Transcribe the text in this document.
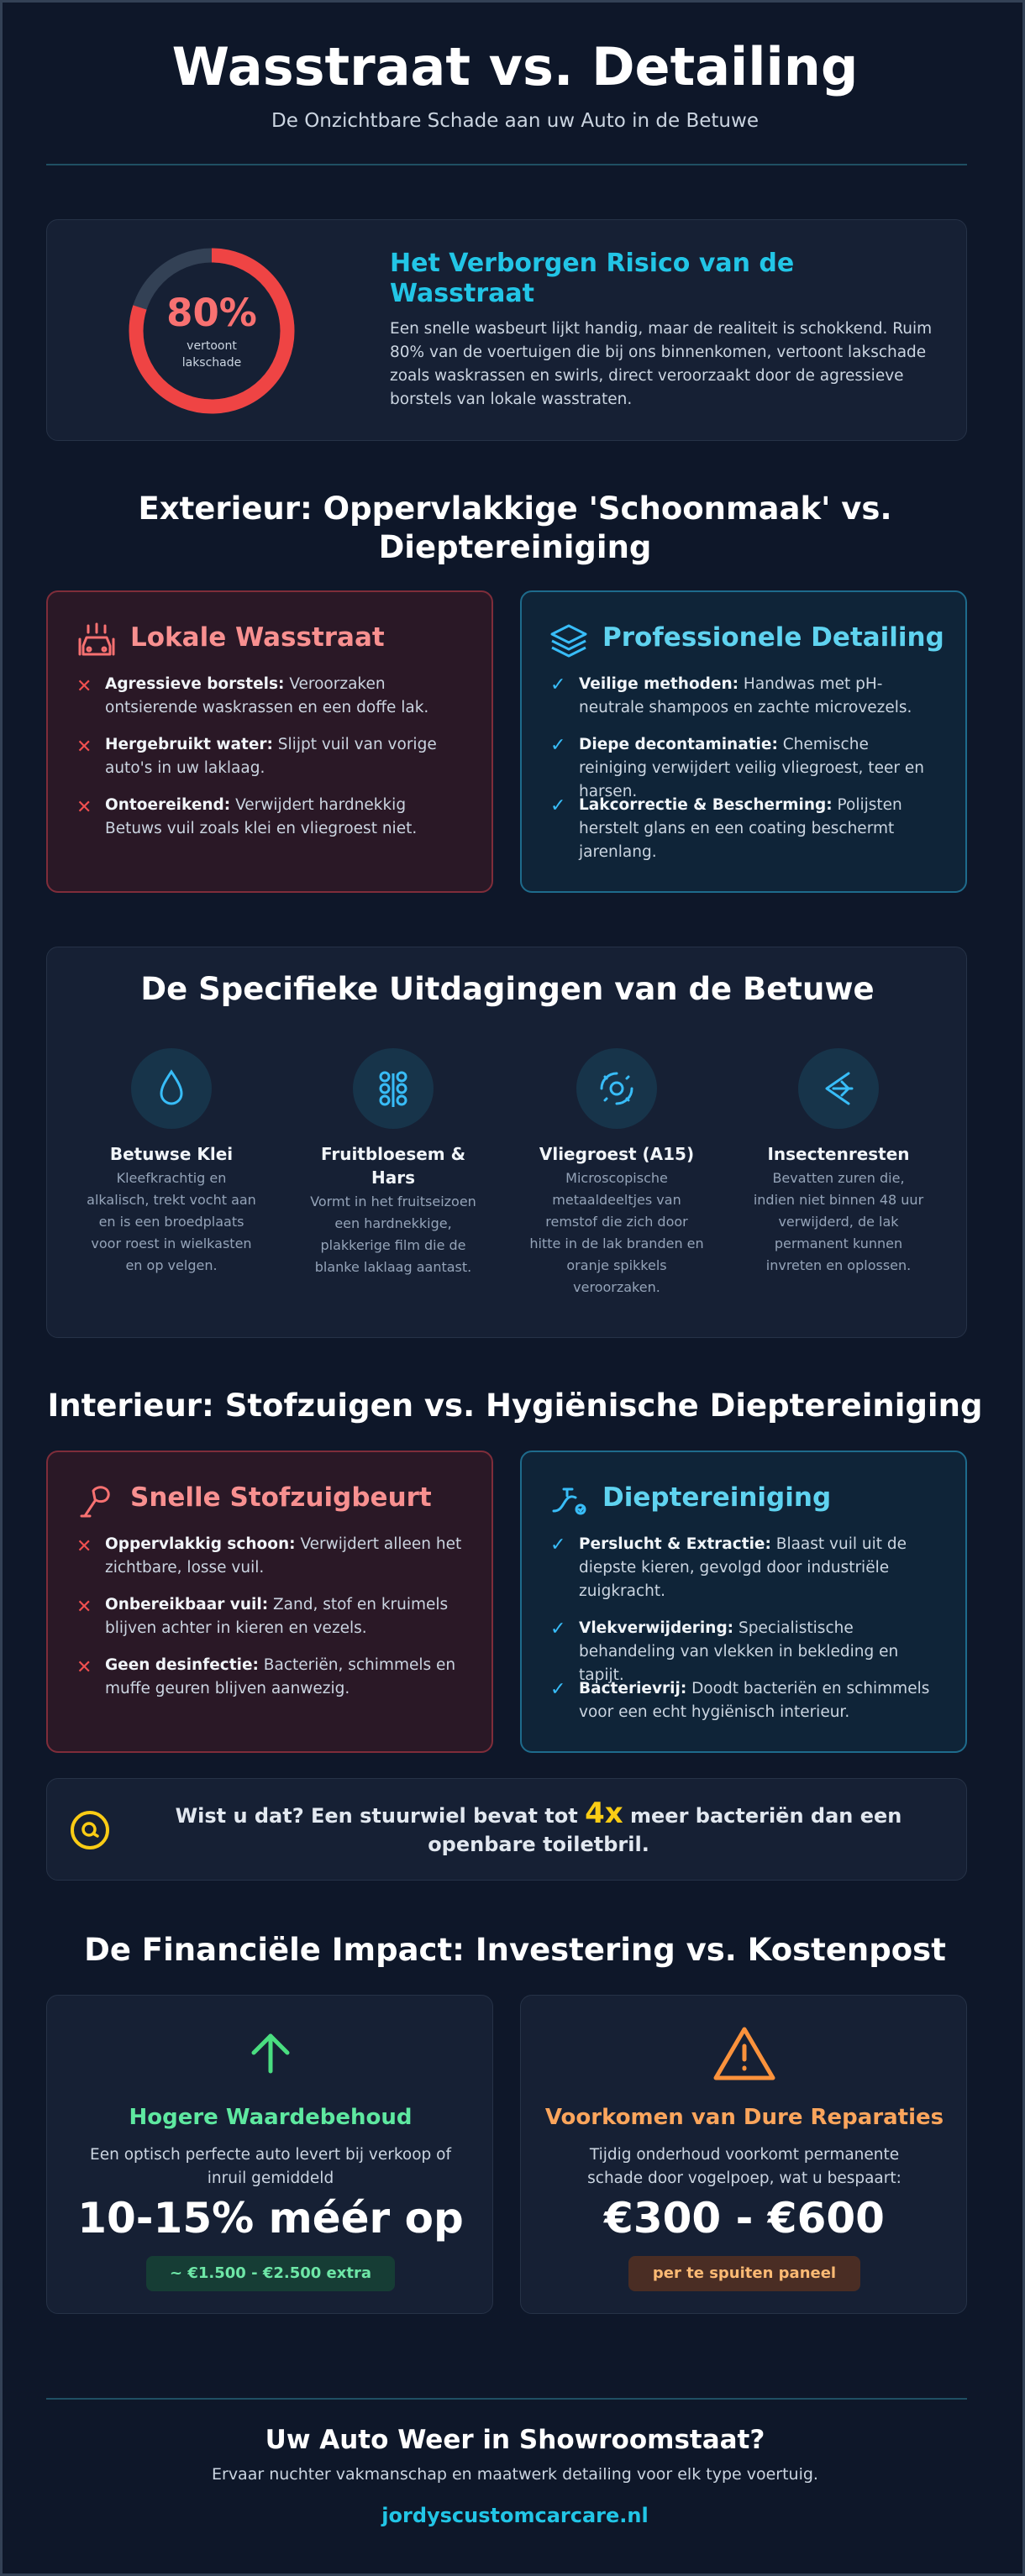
Wasstraat vs. Detailing
De Onzichtbare Schade aan uw Auto in de Betuwe
80%
vertoont lakschade
Het Verborgen Risico van de Wasstraat
Een snelle wasbeurt lijkt handig, maar de realiteit is schokkend. Ruim 80% van de voertuigen die bij ons binnenkomen, vertoont lakschade zoals waskrassen en swirls, direct veroorzaakt door de agressieve borstels van lokale wasstraten.
Exterieur: Oppervlakkige 'Schoonmaak' vs. Dieptereiniging
Lokale Wasstraat
✕ Agressieve borstels: Veroorzaken ontsierende waskrassen en een doffe lak.
✕ Hergebruikt water: Slijpt vuil van vorige auto's in uw laklaag.
✕ Ontoereikend: Verwijdert hardnekkig Betuws vuil zoals klei en vliegroest niet.
Professionele Detailing
✓ Veilige methoden: Handwas met pH-neutrale shampoos en zachte microvezels.
✓ Diepe decontaminatie: Chemische reiniging verwijdert veilig vliegroest, teer en harsen.
✓ Lakcorrectie & Bescherming: Polijsten herstelt glans en een coating beschermt jarenlang.
De Specifieke Uitdagingen van de Betuwe
Betuwse Klei
Kleefkrachtig en alkalisch, trekt vocht aan en is een broedplaats voor roest in wielkasten en op velgen.
Fruitbloesem & Hars
Vormt in het fruitseizoen een hardnekkige, plakkerige film die de blanke laklaag aantast.
Vliegroest (A15)
Microscopische metaaldeeltjes van remstof die zich door hitte in de lak branden en oranje spikkels veroorzaken.
Insectenresten
Bevatten zuren die, indien niet binnen 48 uur verwijderd, de lak permanent kunnen invreten en oplossen.
Interieur: Stofzuigen vs. Hygiënische Dieptereiniging
Snelle Stofzuigbeurt
✕ Oppervlakkig schoon: Verwijdert alleen het zichtbare, losse vuil.
✕ Onbereikbaar vuil: Zand, stof en kruimels blijven achter in kieren en vezels.
✕ Geen desinfectie: Bacteriën, schimmels en muffe geuren blijven aanwezig.
Dieptereiniging
✓ Perslucht & Extractie: Blaast vuil uit de diepste kieren, gevolgd door industriële zuigkracht.
✓ Vlekverwijdering: Specialistische behandeling van vlekken in bekleding en tapijt.
✓ Bacterievrij: Doodt bacteriën en schimmels voor een echt hygiënisch interieur.
Wist u dat? Een stuurwiel bevat tot 4x meer bacteriën dan een openbare toiletbril.
De Financiële Impact: Investering vs. Kostenpost
Hogere Waardebehoud
Een optisch perfecte auto levert bij verkoop of inruil gemiddeld
10-15% méér op
~ €1.500 - €2.500 extra
Voorkomen van Dure Reparaties
Tijdig onderhoud voorkomt permanente schade door vogelpoep, wat u bespaart:
€300 - €600
per te spuiten paneel
Uw Auto Weer in Showroomstaat?
Ervaar nuchter vakmanschap en maatwerk detailing voor elk type voertuig.
jordyscustomcarcare.nl
